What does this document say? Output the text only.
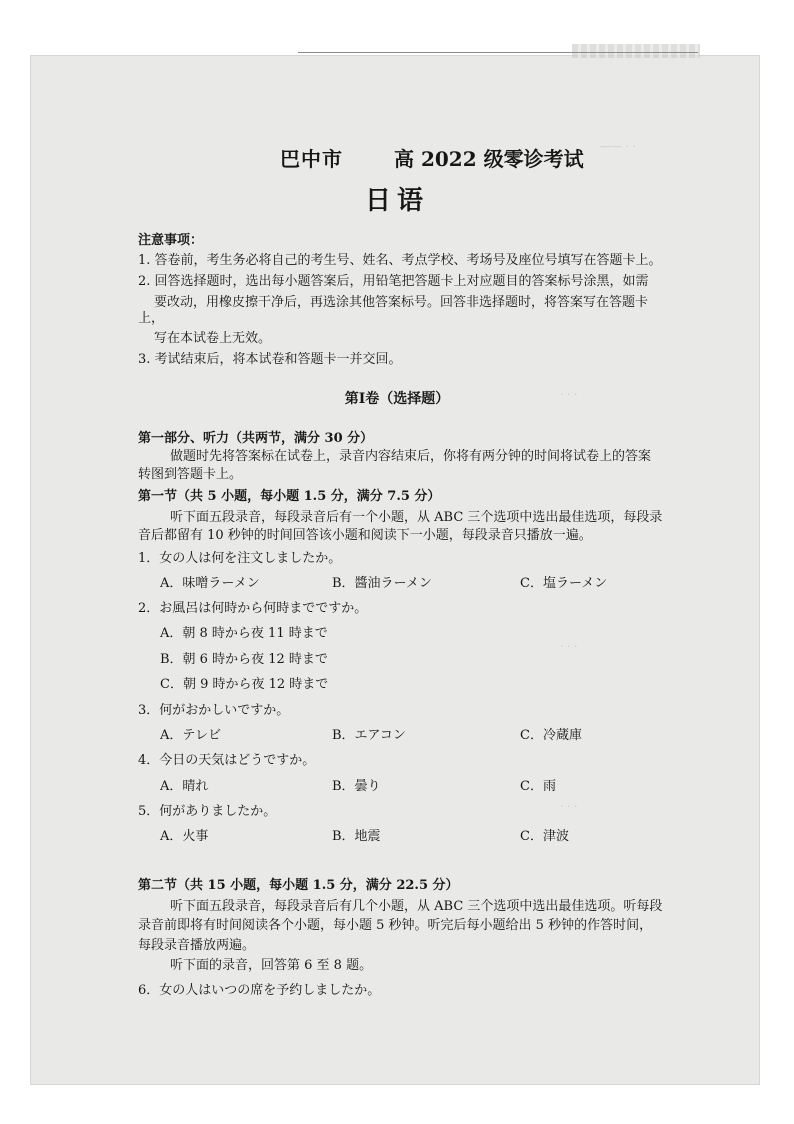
—— · ·
· · ·
· · ·
· · ·
巴中市	高 2022 级零诊考试
日语
注意事项：
1. 答卷前，考生务必将自己的考生号、姓名、考点学校、考场号及座位号填写在答题卡上。
2. 回答选择题时，选出每小题答案后，用铅笔把答题卡上对应题目的答案标号涂黑，如需
要改动，用橡皮擦干净后，再选涂其他答案标号。回答非选择题时，将答案写在答题卡
上，
写在本试卷上无效。
3. 考试结束后，将本试卷和答题卡一并交回。
第Ⅰ卷（选择题）
第一部分、听力（共两节，满分 30 分）
做题时先将答案标在试卷上，录音内容结束后，你将有两分钟的时间将试卷上的答案
转图到答题卡上。
第一节（共 5 小题，每小题 1.5 分，满分 7.5 分）
听下面五段录音，每段录音后有一个小题，从 ABC 三个选项中选出最佳选项，每段录
音后都留有 10 秒钟的时间回答该小题和阅读下一小题，每段录音只播放一遍。
1．女の人は何を注文しましたか。
A．味噌ラーメン	B．醬油ラーメン	C．塩ラーメン
2．お風呂は何時から何時までですか。
A．朝 8 時から夜 11 時まで
B．朝 6 時から夜 12 時まで
C．朝 9 時から夜 12 時まで
3．何がおかしいですか。
A．テレビ	B．エアコン	C．冷蔵庫
4．今日の天気はどうですか。
A．晴れ	B．曇り	C．雨
5．何がありましたか。
A．火事	B．地震	C．津波
第二节（共 15 小题，每小题 1.5 分，满分 22.5 分）
听下面五段录音，每段录音后有几个小题，从 ABC 三个选项中选出最佳选项。听每段
录音前即将有时间阅读各个小题，每小题 5 秒钟。听完后每小题给出 5 秒钟的作答时间，
每段录音播放两遍。
听下面的录音，回答第 6 至 8 题。
6．女の人はいつの席を予约しましたか。
